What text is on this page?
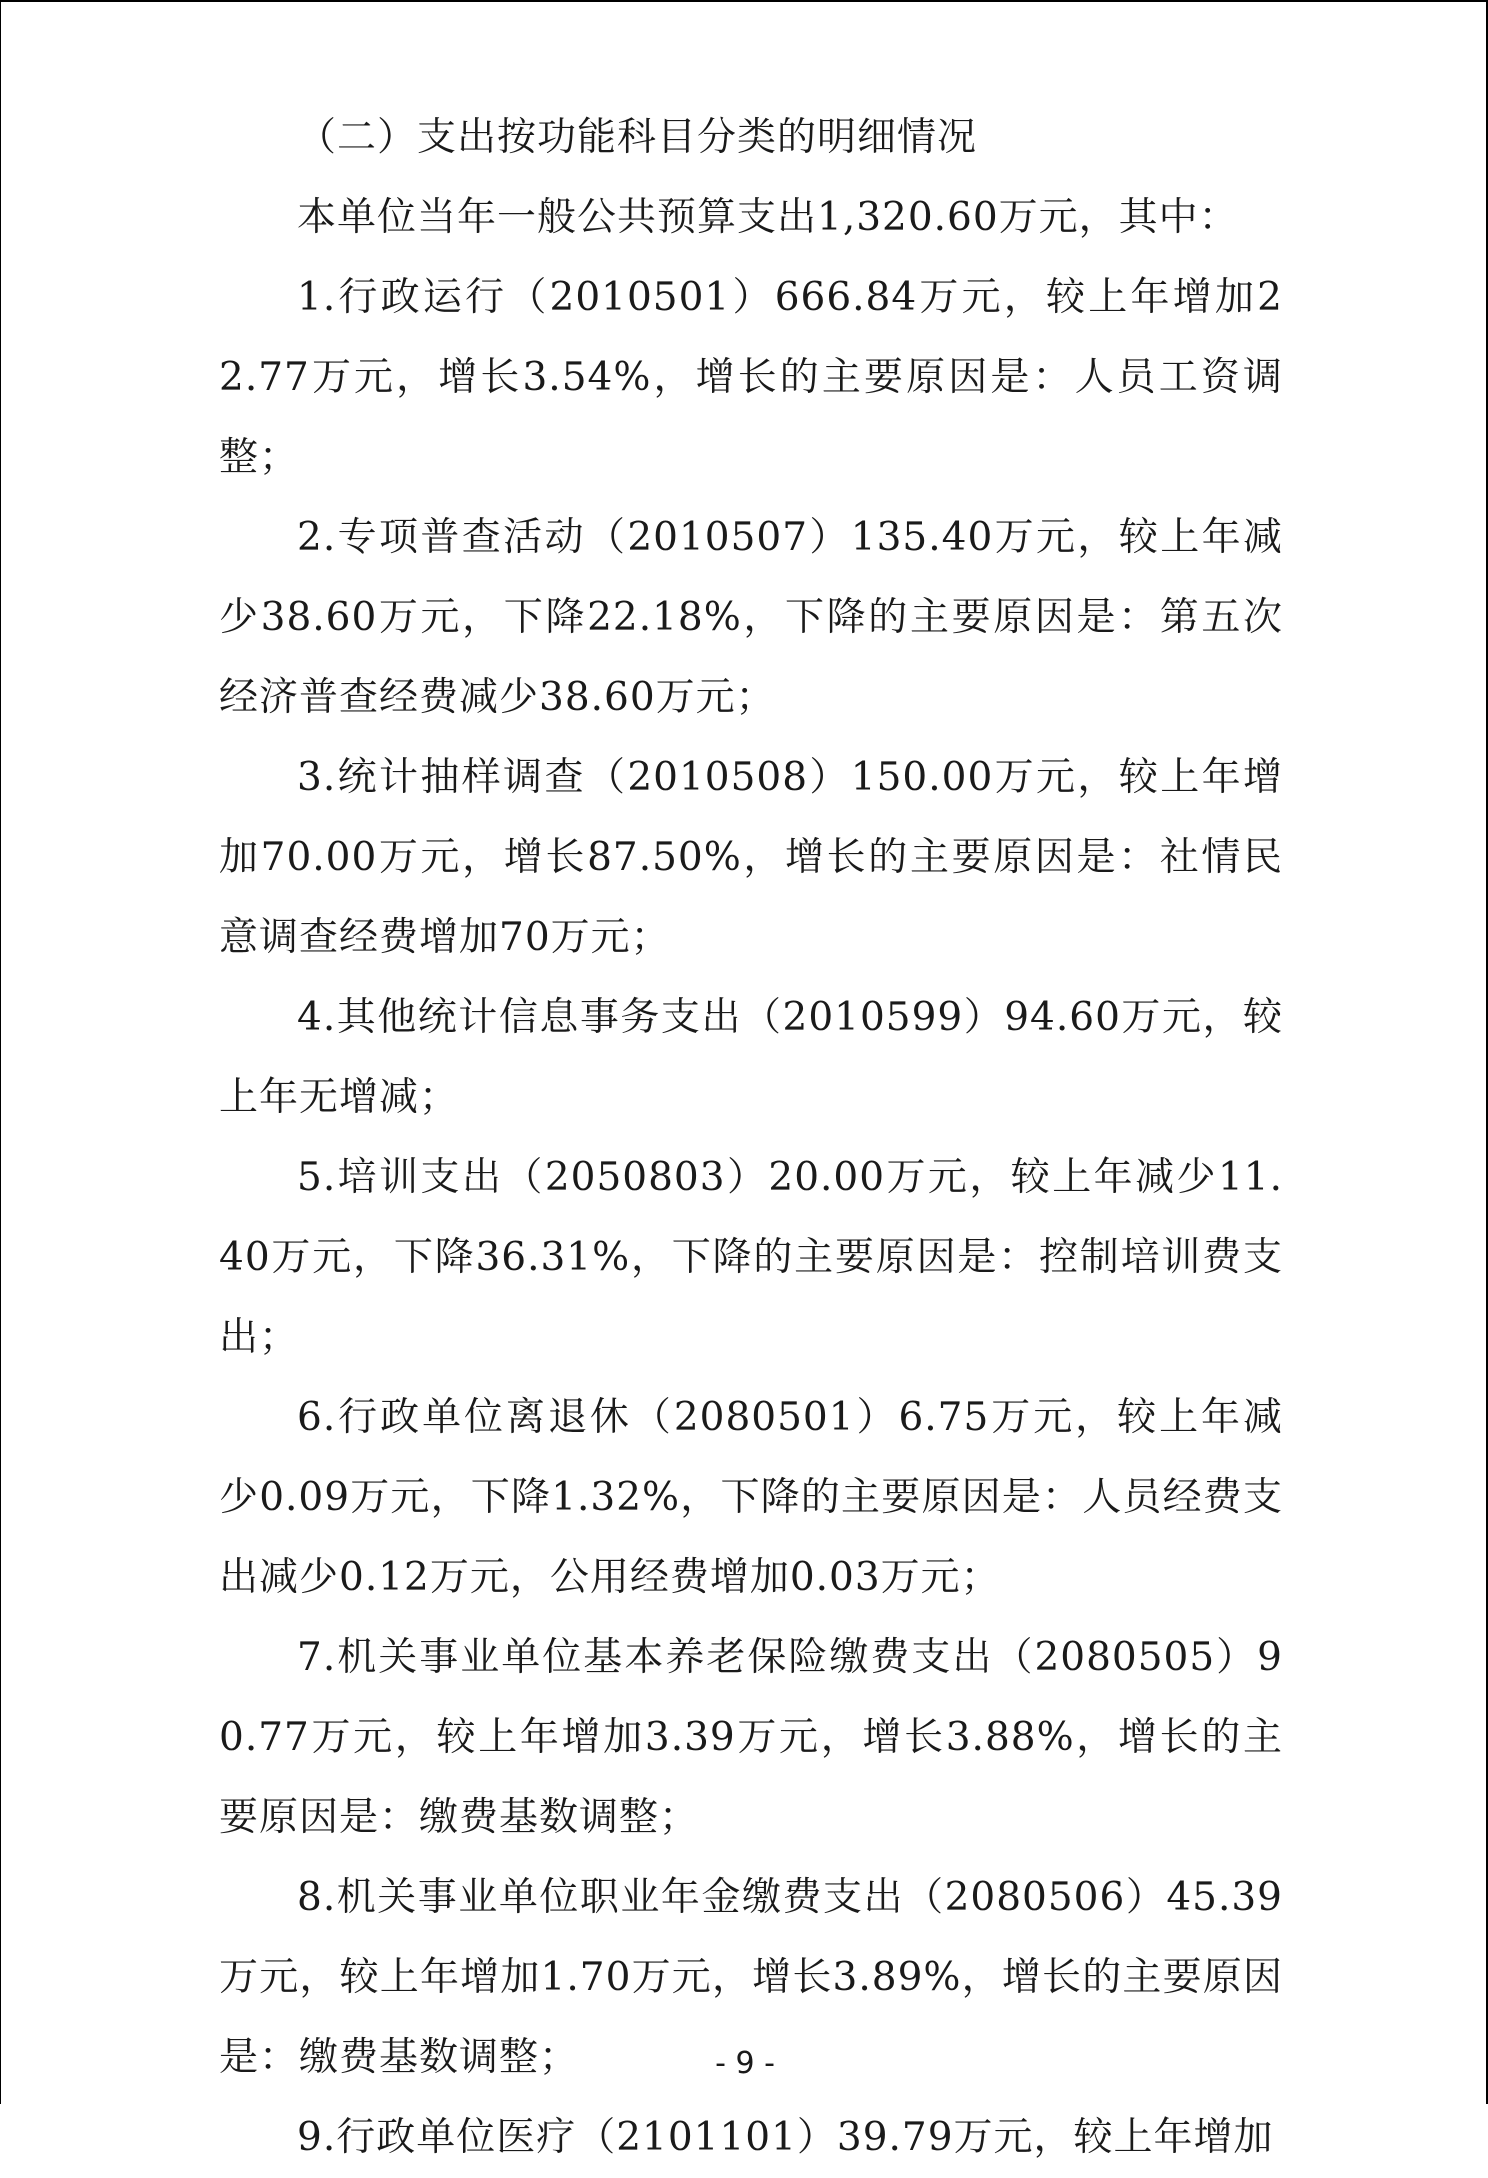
（二）支出按功能科目分类的明细情况

本单位当年一般公共预算支出1,320.60万元，其中：

1.行政运行（2010501）666.84万元，较上年增加22.77万元，增长3.54%，增长的主要原因是：人员工资调整；

2.专项普查活动（2010507）135.40万元，较上年减少38.60万元，下降22.18%，下降的主要原因是：第五次经济普查经费减少38.60万元；

3.统计抽样调查（2010508）150.00万元，较上年增加70.00万元，增长87.50%，增长的主要原因是：社情民意调查经费增加70万元；

4.其他统计信息事务支出（2010599）94.60万元，较上年无增减；

5.培训支出（2050803）20.00万元，较上年减少11.40万元，下降36.31%，下降的主要原因是：控制培训费支出；

6.行政单位离退休（2080501）6.75万元，较上年减少0.09万元，下降1.32%，下降的主要原因是：人员经费支出减少0.12万元，公用经费增加0.03万元；

7.机关事业单位基本养老保险缴费支出（2080505）90.77万元，较上年增加3.39万元，增长3.88%，增长的主要原因是：缴费基数调整；

8.机关事业单位职业年金缴费支出（2080506）45.39万元，较上年增加1.70万元，增长3.89%，增长的主要原因是：缴费基数调整；

9.行政单位医疗（2101101）39.79万元，较上年增加

- 9 -
